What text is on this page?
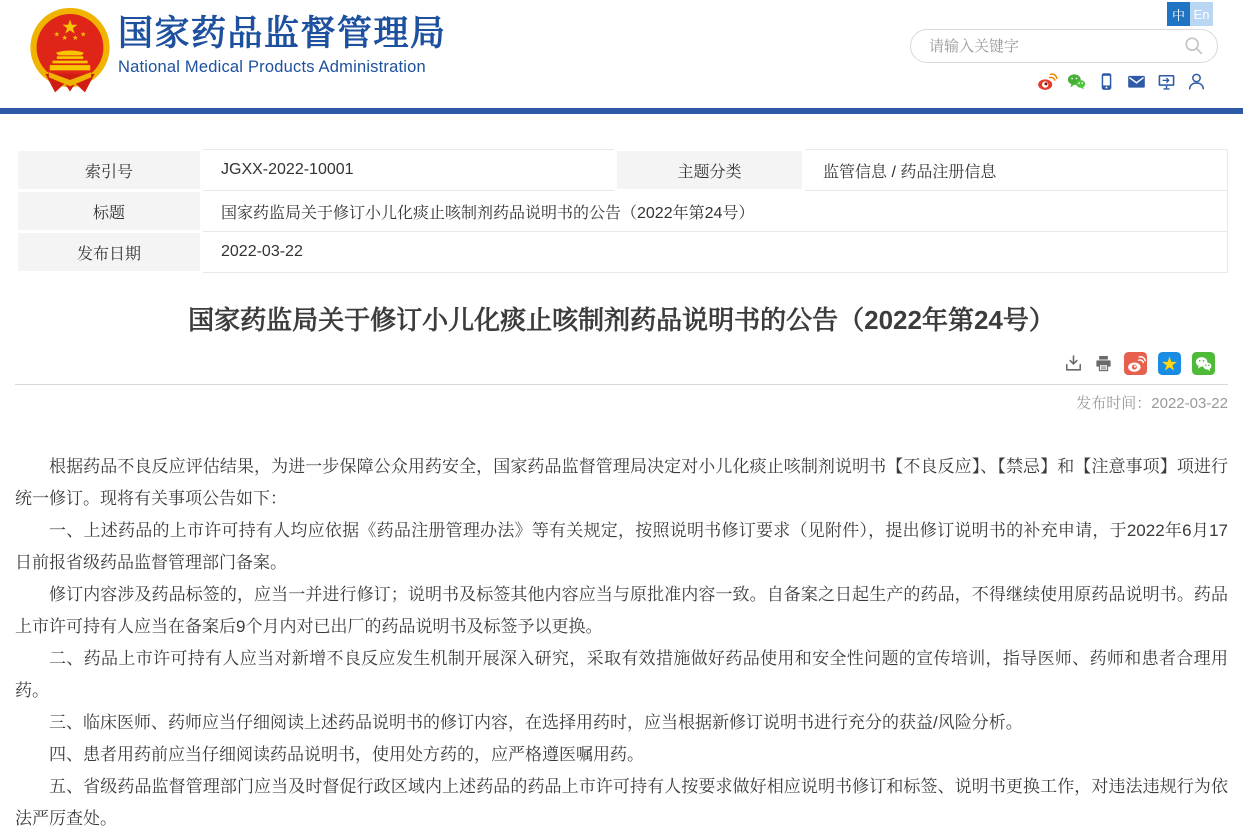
国家药品监督管理局
National Medical Products Administration
中 En
请输入关键字
索引号	JGXX-2022-10001	主题分类	监管信息 / 药品注册信息
标题	国家药监局关于修订小儿化痰止咳制剂药品说明书的公告（2022年第24号）		
发布日期	2022-03-22		
国家药监局关于修订小儿化痰止咳制剂药品说明书的公告（2022年第24号）
发布时间：2022-03-22

根据药品不良反应评估结果，为进一步保障公众用药安全，国家药品监督管理局决定对小儿化痰止咳制剂说明书【不良反应】、【禁忌】和【注意事项】项进行统一修订。现将有关事项公告如下：

一、上述药品的上市许可持有人均应依据《药品注册管理办法》等有关规定，按照说明书修订要求（见附件），提出修订说明书的补充申请，于2022年6月17日前报省级药品监督管理部门备案。

修订内容涉及药品标签的，应当一并进行修订；说明书及标签其他内容应当与原批准内容一致。自备案之日起生产的药品，不得继续使用原药品说明书。药品上市许可持有人应当在备案后9个月内对已出厂的药品说明书及标签予以更换。

二、药品上市许可持有人应当对新增不良反应发生机制开展深入研究，采取有效措施做好药品使用和安全性问题的宣传培训，指导医师、药师和患者合理用药。

三、临床医师、药师应当仔细阅读上述药品说明书的修订内容，在选择用药时，应当根据新修订说明书进行充分的获益/风险分析。

四、患者用药前应当仔细阅读药品说明书，使用处方药的，应严格遵医嘱用药。

五、省级药品监督管理部门应当及时督促行政区域内上述药品的药品上市许可持有人按要求做好相应说明书修订和标签、说明书更换工作，对违法违规行为依法严厉查处。
